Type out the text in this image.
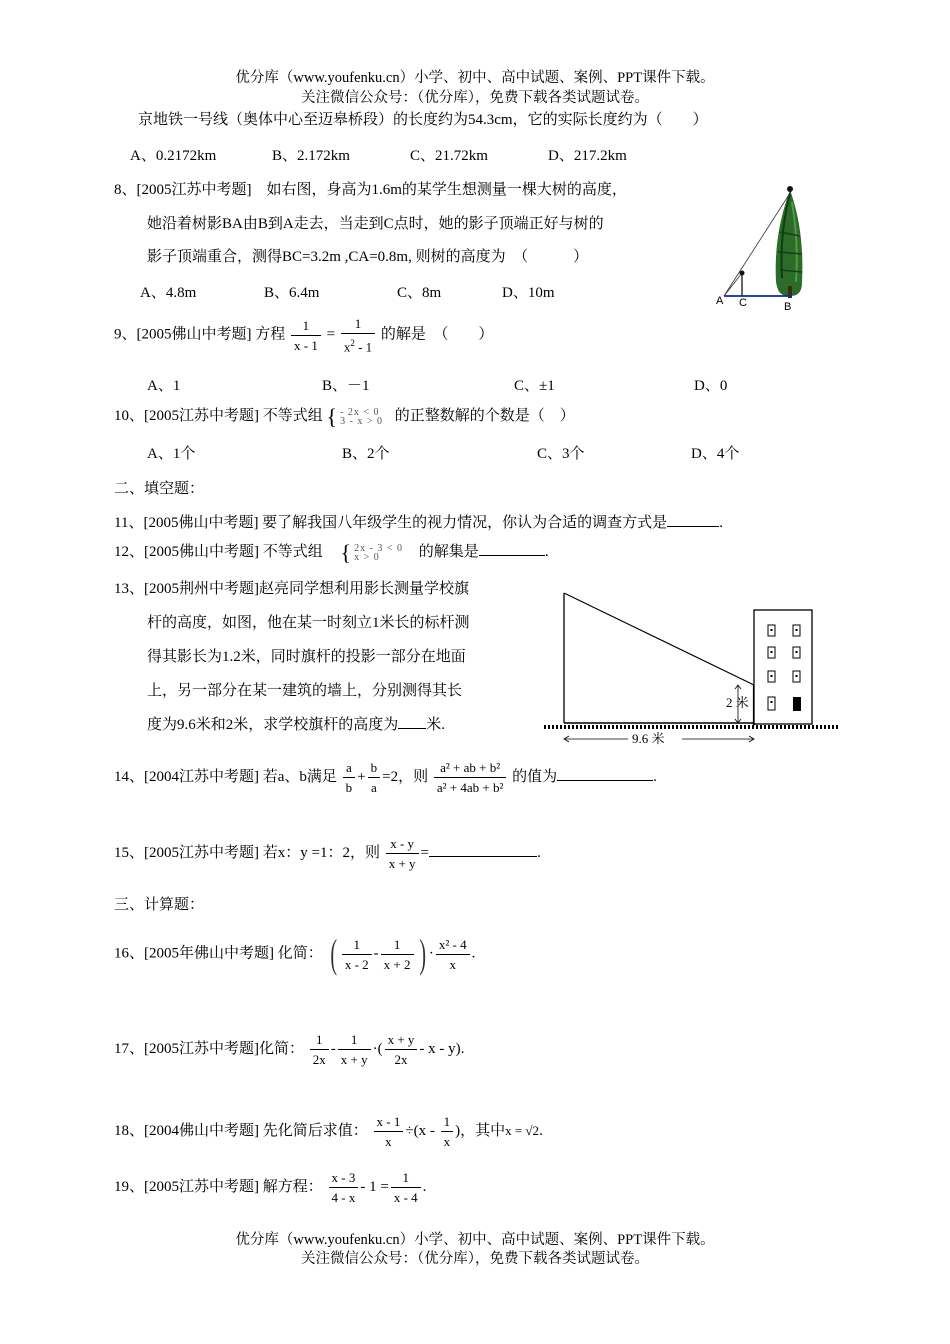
优分库（www.youfenku.cn）小学、初中、高中试题、案例、PPT课件下载。
关注微信公众号：（优分库），免费下载各类试题试卷。
京地铁一号线（奥体中心至迈皋桥段）的长度约为54.3cm，它的实际长度约为（　　）
A、0.2172km	B、2.172km	C、21.72km	D、217.2km
8、[2005江苏中考题]　如右图，身高为1.6m的某学生想测量一棵大树的高度，
她沿着树影BA由B到A走去，当走到C点时，她的影子顶端正好与树的
影子顶端重合，测得BC=3.2m ,CA=0.8m, 则树的高度为　（　　　）
A、4.8m	B、6.4m	C、8m	D、10m	A C	B
9、[2005佛山中考题] 方程 $\frac{1}{x - 1} = \frac{1}{x^2 - 1}$ 的解是　（　　）
A、1	B、－1	C、±1	D、0
10、[2005江苏中考题] 不等式组 { - 2x < 0
3 - x > 0 的正整数解的个数是（　）
A、1个	B、2个	C、3个	D、4个
二、填空题：
11、[2005佛山中考题] 要了解我国八年级学生的视力情况，你认为合适的调查方式是	.
12、[2005佛山中考题] 不等式组 { 2x - 3 < 0
x > 0	的解集是	.
13、[2005荆州中考题]赵亮同学想利用影长测量学校旗
杆的高度，如图，他在某一时刻立1米长的标杆测
得其影长为1.2米，同时旗杆的投影一部分在地面
上，另一部分在某一建筑的墙上，分别测得其长
度为9.6米和2米，求学校旗杆的高度为 米.
2 米
9.6 米
14、[2004江苏中考题] 若a、b满足 $\frac{a}{b} + \frac{b}{a} =2$，则 $\frac{\text{a² + ab + b²}}{\text{a² + 4ab + b²}}$ 的值为	.
15、[2005江苏中考题] 若x：y =1：2，则 $\frac{x - y}{x + y}$ =	.
三、计算题：
16、[2005年佛山中考题] 化简： ( $\frac{1}{x - 2} - \frac{1}{x + 2}$ ) · $\frac{\text{x² - 4}}{x}$ .
17、[2005江苏中考题]化简： $\frac{1}{2x} - \frac{1}{x + y}$ ·( $\frac{x + y}{2x}$ - x - y).
18、[2004佛山中考题] 先化简后求值： $\frac{x - 1}{x} \div(x - \frac{1}{x}$ )，其中x = √2.
19、[2005江苏中考题] 解方程： $\frac{x - 3}{4 - x} - 1 = \frac{1}{x - 4}$ .
优分库（www.youfenku.cn）小学、初中、高中试题、案例、PPT课件下载。
关注微信公众号：（优分库），免费下载各类试题试卷。
